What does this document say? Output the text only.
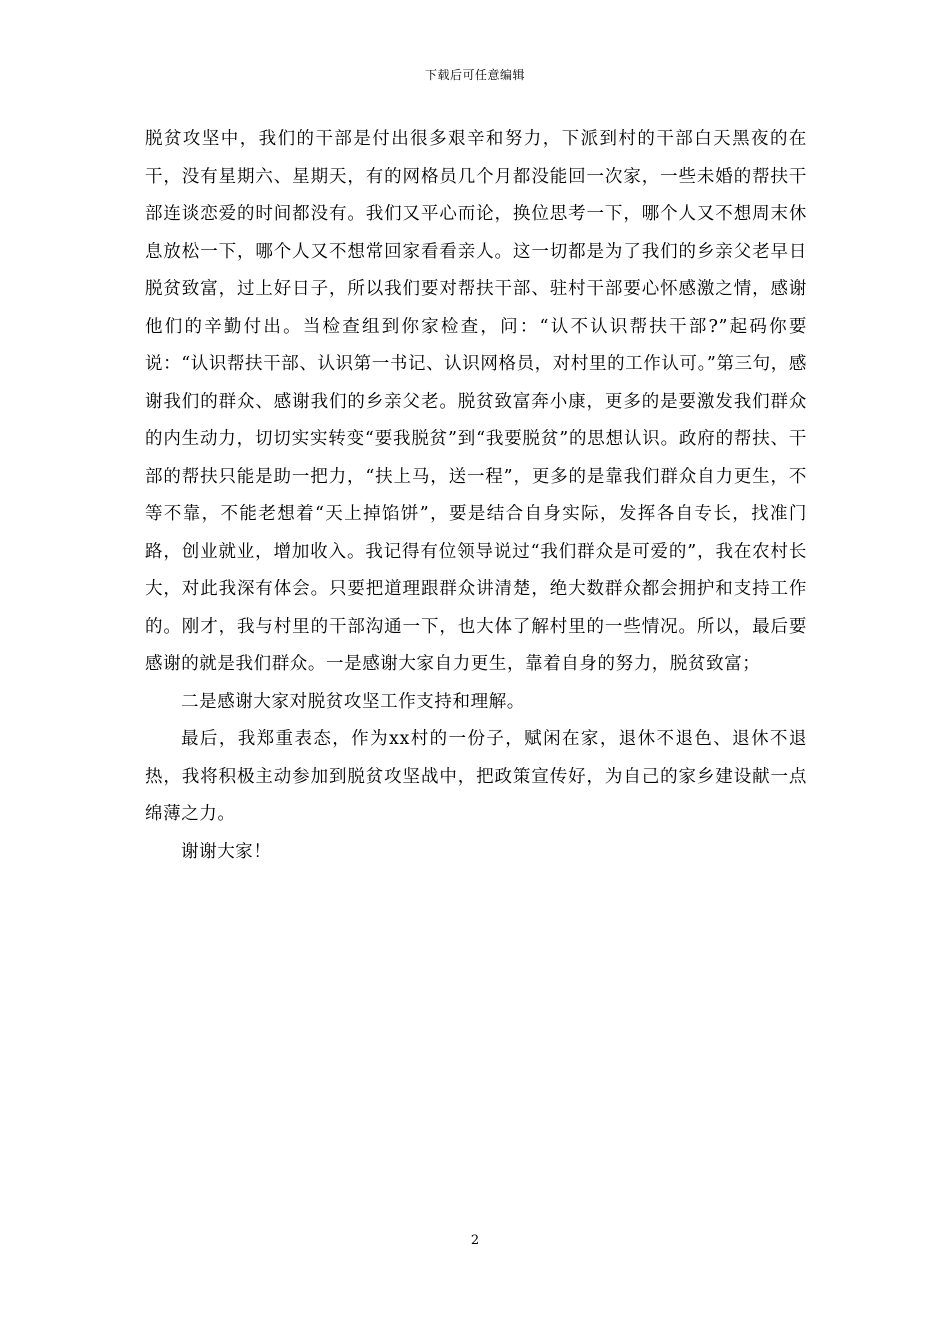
下载后可任意编辑

脱贫攻坚中，我们的干部是付出很多艰辛和努力，下派到村的干部白天黑夜的在干，没有星期六、星期天，有的网格员几个月都没能回一次家，一些未婚的帮扶干部连谈恋爱的时间都没有。我们又平心而论，换位思考一下，哪个人又不想周末休息放松一下，哪个人又不想常回家看看亲人。这一切都是为了我们的乡亲父老早日脱贫致富，过上好日子，所以我们要对帮扶干部、驻村干部要心怀感激之情，感谢他们的辛勤付出。当检查组到你家检查，问：“认不认识帮扶干部?”起码你要说：“认识帮扶干部、认识第一书记、认识网格员，对村里的工作认可。”第三句，感谢我们的群众、感谢我们的乡亲父老。脱贫致富奔小康，更多的是要激发我们群众的内生动力，切切实实转变“要我脱贫”到“我要脱贫”的思想认识。政府的帮扶、干部的帮扶只能是助一把力，“扶上马，送一程”，更多的是靠我们群众自力更生，不等不靠，不能老想着“天上掉馅饼”，要是结合自身实际，发挥各自专长，找准门路，创业就业，增加收入。我记得有位领导说过“我们群众是可爱的”，我在农村长大，对此我深有体会。只要把道理跟群众讲清楚，绝大数群众都会拥护和支持工作的。刚才，我与村里的干部沟通一下，也大体了解村里的一些情况。所以，最后要感谢的就是我们群众。一是感谢大家自力更生，靠着自身的努力，脱贫致富；

二是感谢大家对脱贫攻坚工作支持和理解。

最后，我郑重表态，作为xx村的一份子，赋闲在家，退休不退色、退休不退热，我将积极主动参加到脱贫攻坚战中，把政策宣传好，为自己的家乡建设献一点绵薄之力。

谢谢大家！

2
